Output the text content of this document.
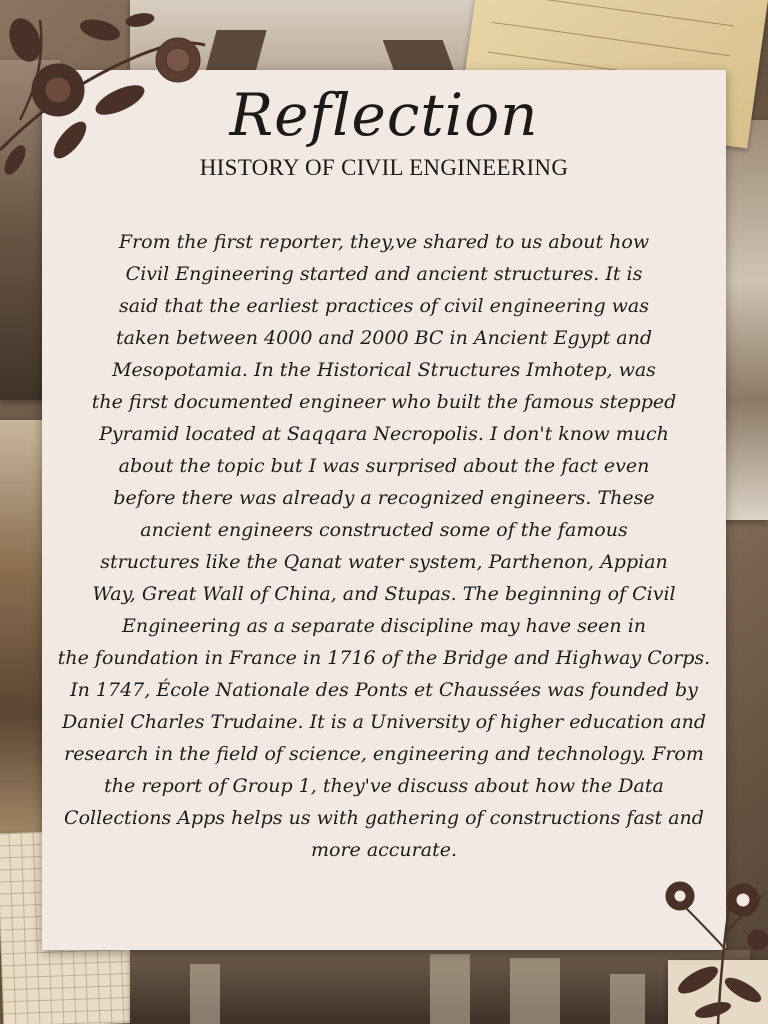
Reflection
HISTORY OF CIVIL ENGINEERING
From the first reporter, they,ve shared to us about how
Civil Engineering started and ancient structures. It is
said that the earliest practices of civil engineering was
taken between 4000 and 2000 BC in Ancient Egypt and
Mesopotamia. In the Historical Structures Imhotep, was
the first documented engineer who built the famous stepped
Pyramid located at Saqqara Necropolis. I don't know much
about the topic but I was surprised about the fact even
before there was already a recognized engineers. These
ancient engineers constructed some of the famous
structures like the Qanat water system, Parthenon, Appian
Way, Great Wall of China, and Stupas. The beginning of Civil
Engineering as a separate discipline may have seen in
the foundation in France in 1716 of the Bridge and Highway Corps.
In 1747, École Nationale des Ponts et Chaussées was founded by
Daniel Charles Trudaine. It is a University of higher education and
research in the field of science, engineering and technology. From
the report of Group 1, they've discuss about how the Data
Collections Apps helps us with gathering of constructions fast and
more accurate.
